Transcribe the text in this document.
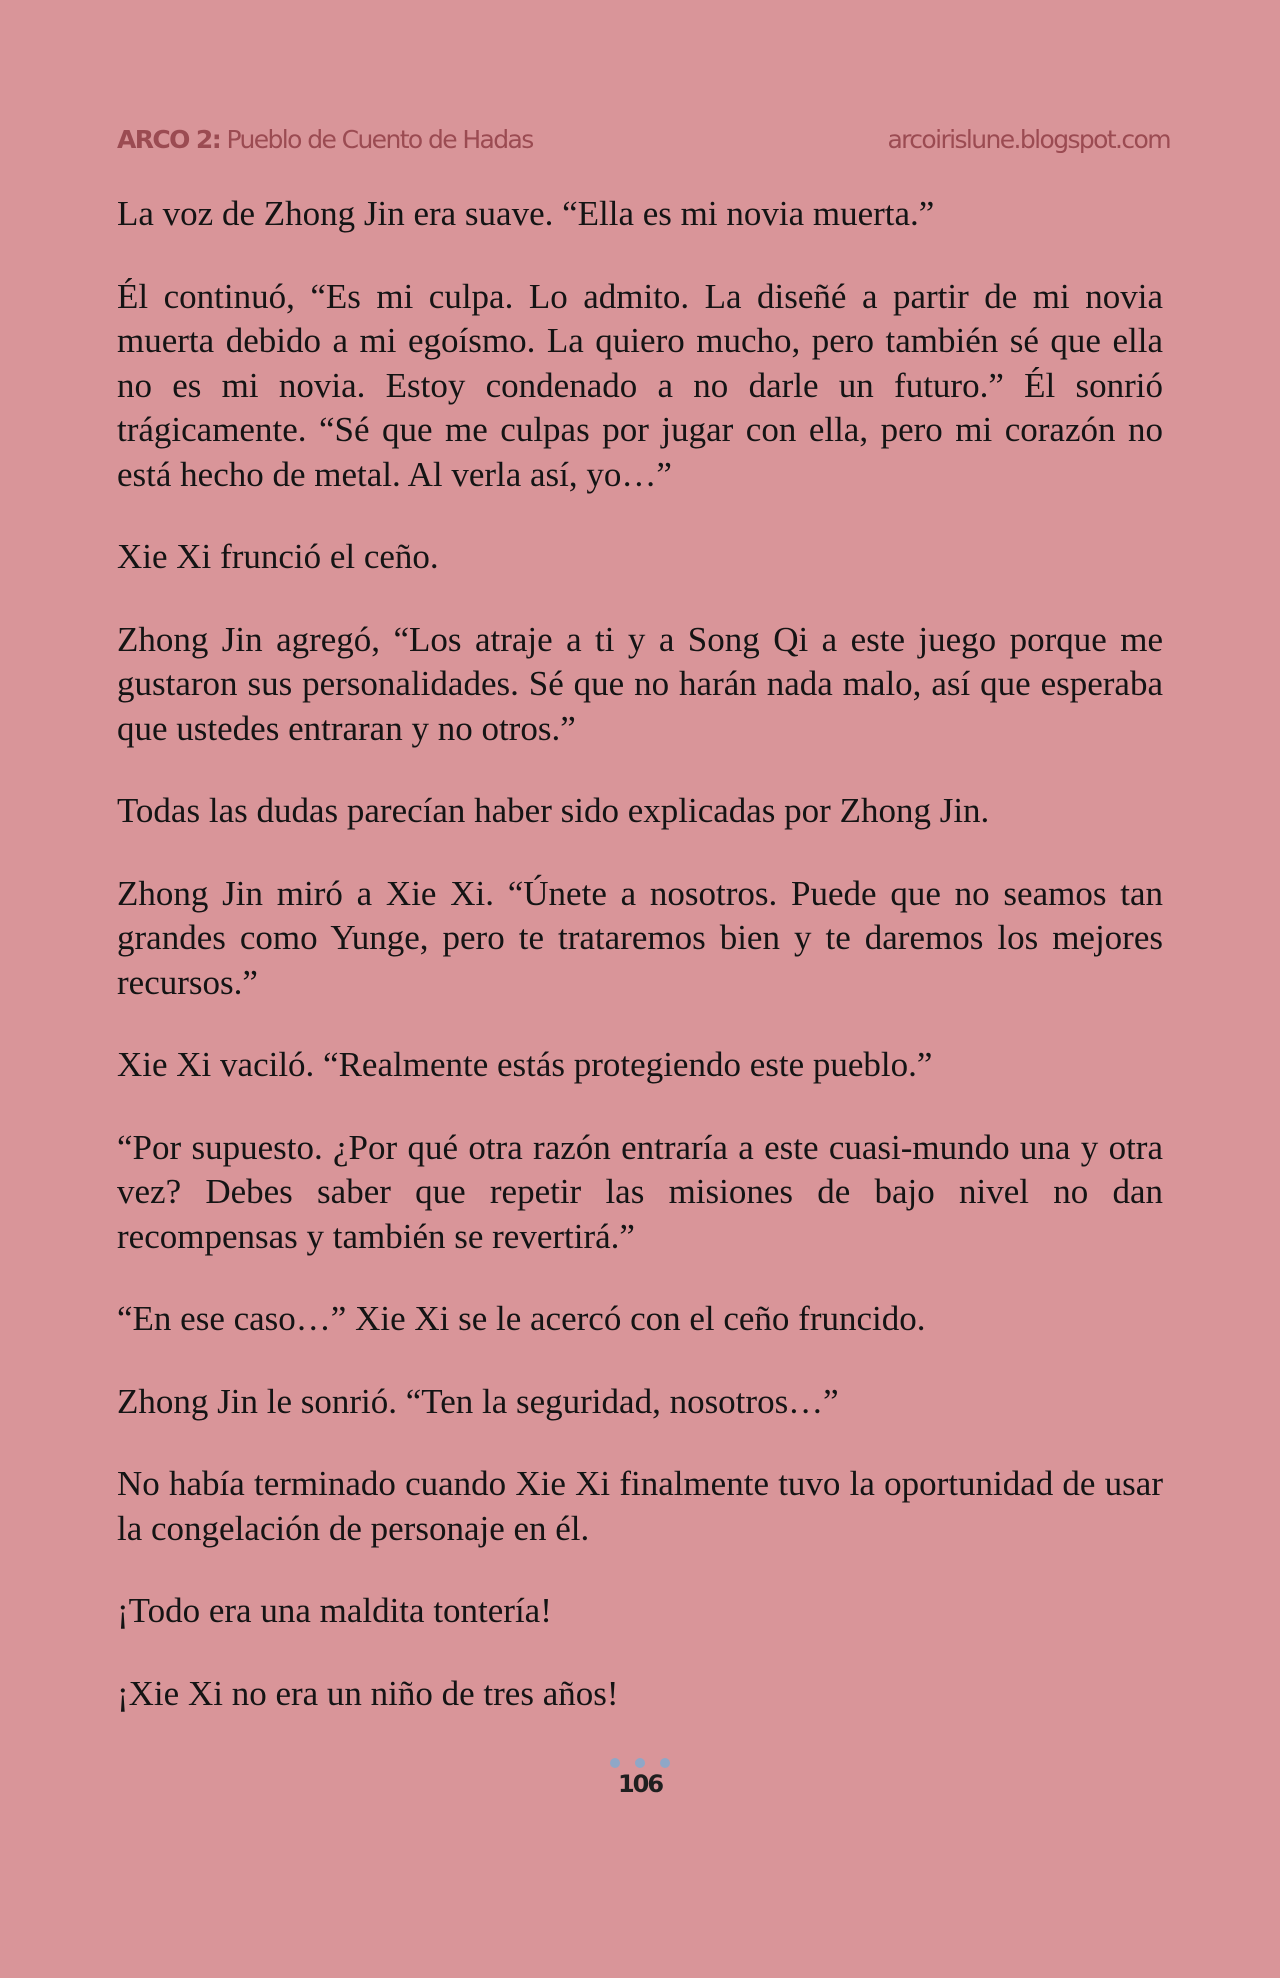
ARCO 2: Pueblo de Cuento de Hadas	arcoirislune.blogspot.com

La voz de Zhong Jin era suave. “Ella es mi novia muerta.”

Él continuó, “Es mi culpa. Lo admito. La diseñé a partir de mi novia muerta debido a mi egoísmo. La quiero mucho, pero también sé que ella no es mi novia. Estoy condenado a no darle un futuro.” Él sonrió trágicamente. “Sé que me culpas por jugar con ella, pero mi corazón no está hecho de metal. Al verla así, yo…”

Xie Xi frunció el ceño.

Zhong Jin agregó, “Los atraje a ti y a Song Qi a este juego porque me gustaron sus personalidades. Sé que no harán nada malo, así que esperaba que ustedes entraran y no otros.”

Todas las dudas parecían haber sido explicadas por Zhong Jin.

Zhong Jin miró a Xie Xi. “Únete a nosotros. Puede que no seamos tan grandes como Yunge, pero te trataremos bien y te daremos los mejores recursos.”

Xie Xi vaciló. “Realmente estás protegiendo este pueblo.”

“Por supuesto. ¿Por qué otra razón entraría a este cuasi-mundo una y otra vez? Debes saber que repetir las misiones de bajo nivel no dan recompensas y también se revertirá.”

“En ese caso…” Xie Xi se le acercó con el ceño fruncido.

Zhong Jin le sonrió. “Ten la seguridad, nosotros…”

No había terminado cuando Xie Xi finalmente tuvo la oportunidad de usar la congelación de personaje en él.

¡Todo era una maldita tontería!

¡Xie Xi no era un niño de tres años!

106
